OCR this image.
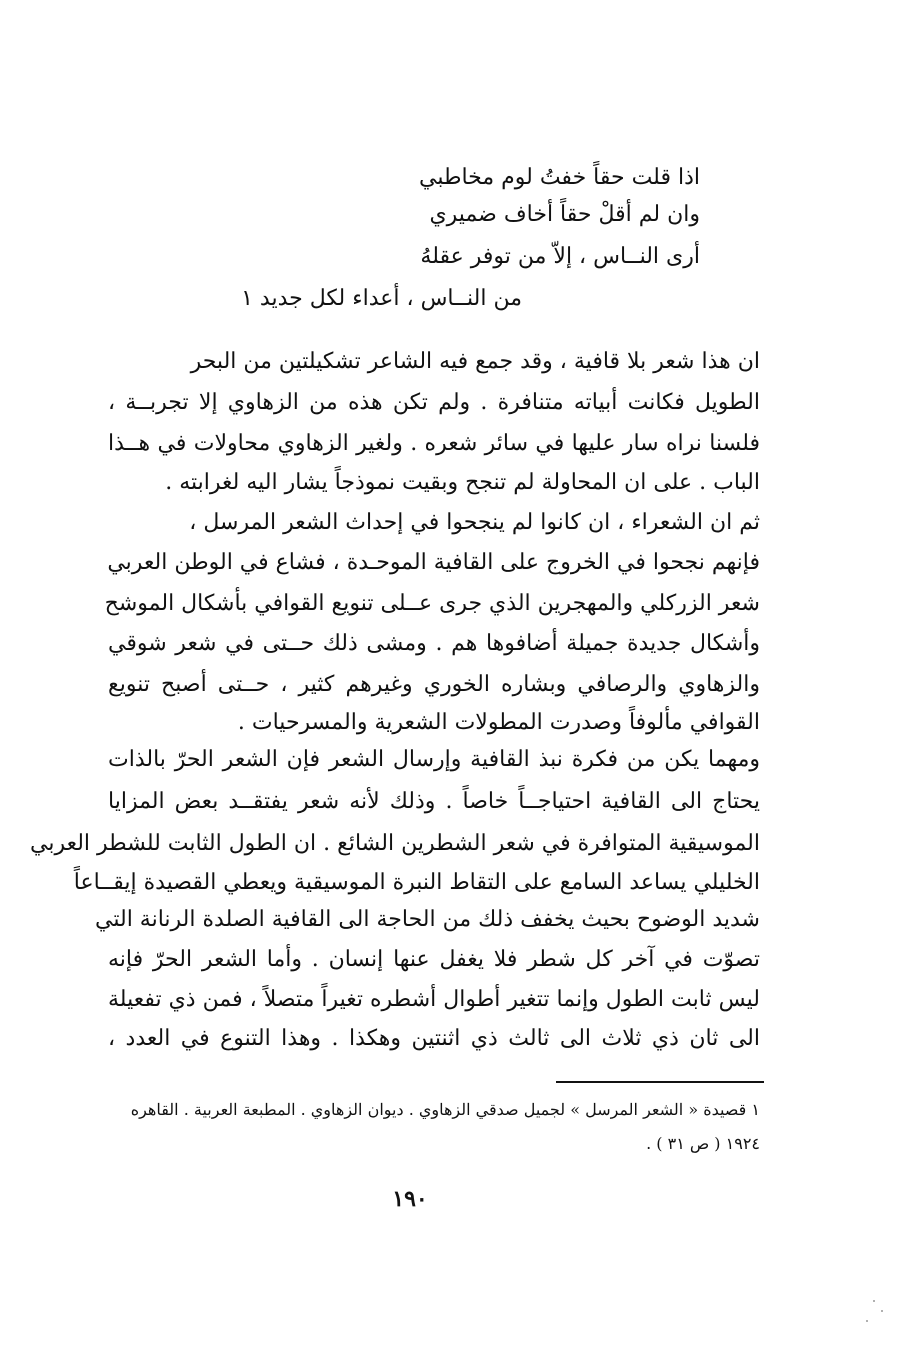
اذا قلت حقاً خفتُ لوم مخاطبي
وان لم أقلْ حقاً أخاف ضميري
أرى النــاس ، إلاّ من توفر عقلهُ
من النــاس ، أعداء لكل جديد ١
ان هذا شعر بلا قافية ، وقد جمع فيه الشاعر تشكيلتين من البحر
الطويل فكانت أبياته متنافرة . ولم تكن هذه من الزهاوي إلا تجربــة ،
فلسنا نراه سار عليها في سائر شعره . ولغير الزهاوي محاولات في هــذا
الباب . على ان المحاولة لم تنجح وبقيت نموذجاً يشار اليه لغرابته .
ثم ان الشعراء ، ان كانوا لم ينجحوا في إحداث الشعر المرسل ،
فإنهم نجحوا في الخروج على القافية الموحـدة ، فشاع في الوطن العربي
شعر الزركلي والمهجرين الذي جرى عــلى تنويع القوافي بأشكال الموشح
وأشكال جديدة جميلة أضافوها هم . ومشى ذلك حــتى في شعر شوقي
والزهاوي والرصافي وبشاره الخوري وغيرهم كثير ، حــتى أصبح تنويع
القوافي مألوفاً وصدرت المطولات الشعرية والمسرحيات .
ومهما يكن من فكرة نبذ القافية وإرسال الشعر فإن الشعر الحرّ بالذات
يحتاج الى القافية احتياجــاً خاصاً . وذلك لأنه شعر يفتقــد بعض المزايا
الموسيقية المتوافرة في شعر الشطرين الشائع . ان الطول الثابت للشطر العربي
الخليلي يساعد السامع على التقاط النبرة الموسيقية ويعطي القصيدة إيقــاعاً
شديد الوضوح بحيث يخفف ذلك من الحاجة الى القافية الصلدة الرنانة التي
تصوّت في آخر كل شطر فلا يغفل عنها إنسان . وأما الشعر الحرّ فإنه
ليس ثابت الطول وإنما تتغير أطوال أشطره تغيراً متصلاً ، فمن ذي تفعيلة
الى ثان ذي ثلاث الى ثالث ذي اثنتين وهكذا . وهذا التنوع في العدد ،
١ قصيدة « الشعر المرسل » لجميل صدقي الزهاوي . ديوان الزهاوي . المطبعة العربية . القاهره
١٩٢٤ ( ص ٣١ ) .
١٩٠
